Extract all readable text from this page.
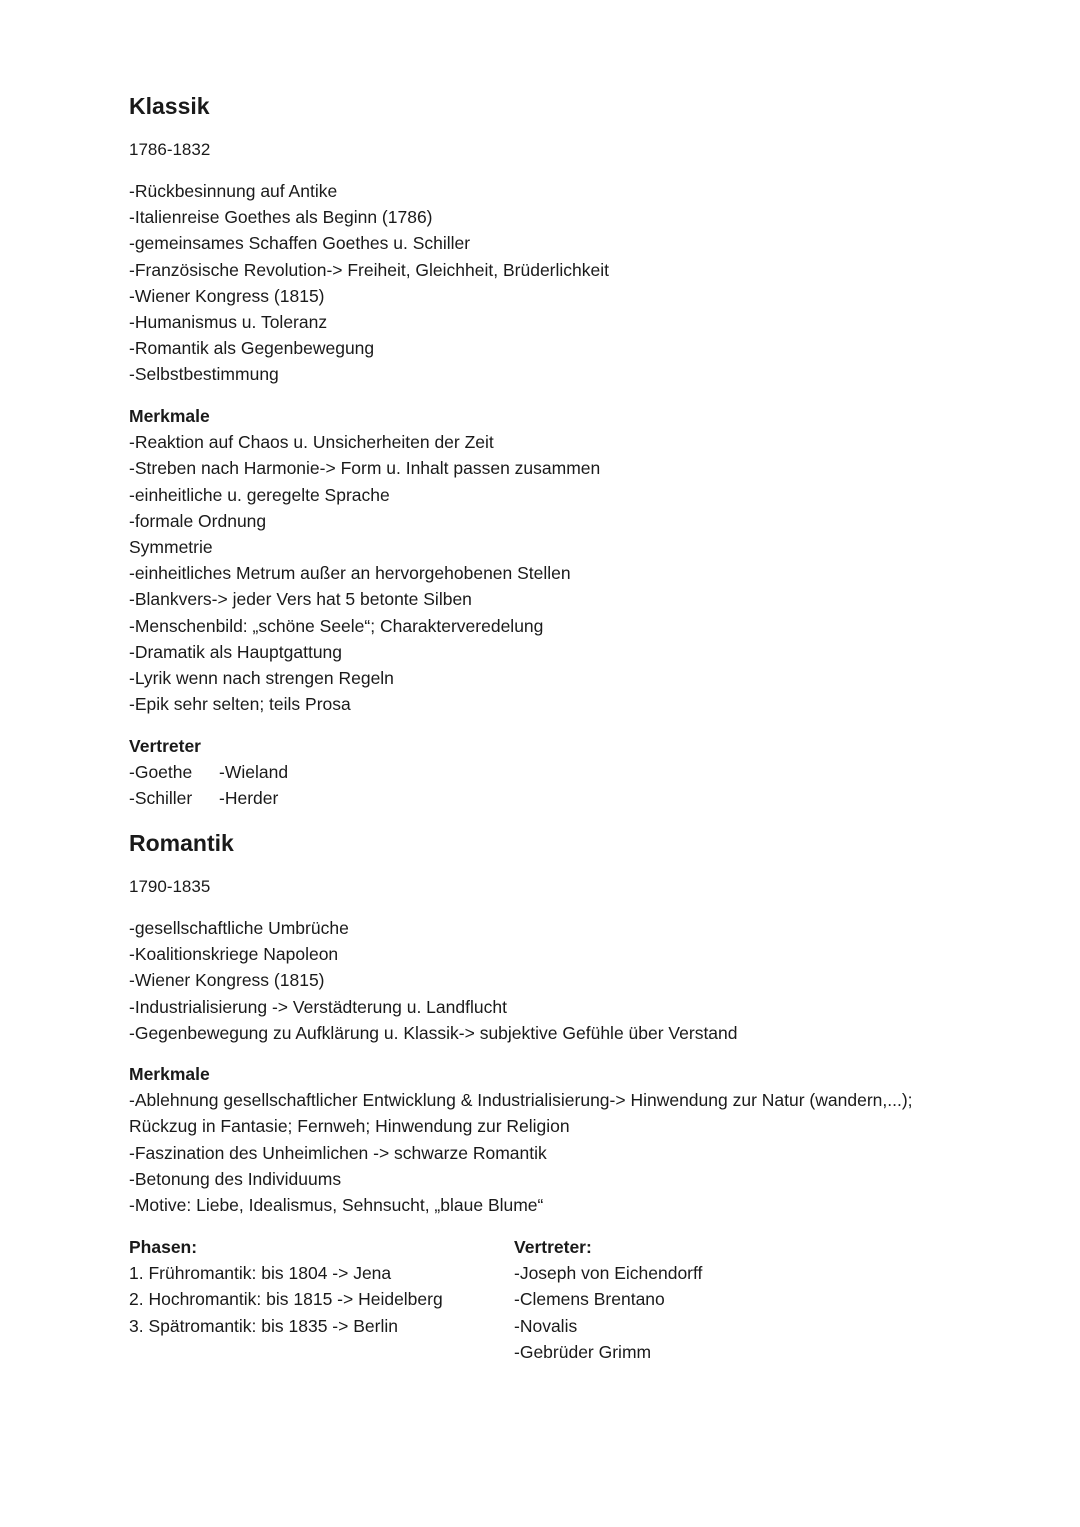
Klassik
1786-1832
-Rückbesinnung auf Antike
-Italienreise Goethes als Beginn (1786)
-gemeinsames Schaffen Goethes u. Schiller
-Französische Revolution-> Freiheit, Gleichheit, Brüderlichkeit
-Wiener Kongress (1815)
-Humanismus u. Toleranz
-Romantik als Gegenbewegung
-Selbstbestimmung
Merkmale
-Reaktion auf Chaos u. Unsicherheiten der Zeit
-Streben nach Harmonie-> Form u. Inhalt passen zusammen
-einheitliche u. geregelte Sprache
-formale Ordnung
Symmetrie
-einheitliches Metrum außer an hervorgehobenen Stellen
-Blankvers-> jeder Vers hat 5 betonte Silben
-Menschenbild: „schöne Seele“; Charakterveredelung
-Dramatik als Hauptgattung
-Lyrik wenn nach strengen Regeln
-Epik sehr selten; teils Prosa
Vertreter
-Goethe	-Wieland
-Schiller	-Herder
Romantik
1790-1835
-gesellschaftliche Umbrüche
-Koalitionskriege Napoleon
-Wiener Kongress (1815)
-Industrialisierung -> Verstädterung u. Landflucht
-Gegenbewegung zu Aufklärung u. Klassik-> subjektive Gefühle über Verstand
Merkmale
-Ablehnung gesellschaftlicher Entwicklung & Industrialisierung-> Hinwendung zur Natur (wandern,...);
Rückzug in Fantasie; Fernweh; Hinwendung zur Religion
-Faszination des Unheimlichen -> schwarze Romantik
-Betonung des Individuums
-Motive: Liebe, Idealismus, Sehnsucht, „blaue Blume“
Phasen:
1. Frühromantik: bis 1804 -> Jena
2. Hochromantik: bis 1815 -> Heidelberg
3. Spätromantik: bis 1835 -> Berlin
Vertreter:
-Joseph von Eichendorff
-Clemens Brentano
-Novalis
-Gebrüder Grimm
